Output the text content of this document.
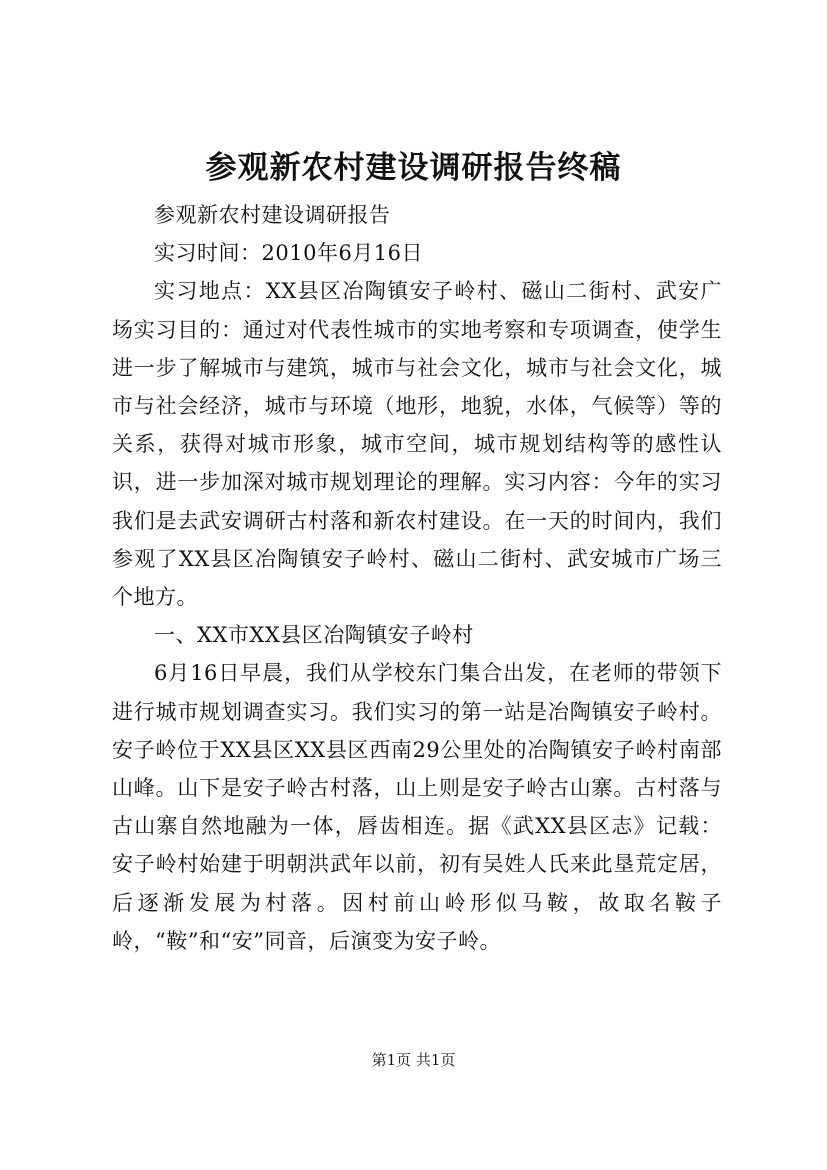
参观新农村建设调研报告终稿

参观新农村建设调研报告

实习时间：2010年6月16日

实习地点：XX县区冶陶镇安子岭村、磁山二街村、武安广场实习目的：通过对代表性城市的实地考察和专项调查，使学生进一步了解城市与建筑，城市与社会文化，城市与社会文化，城市与社会经济，城市与环境（地形，地貌，水体，气候等）等的关系，获得对城市形象，城市空间，城市规划结构等的感性认识，进一步加深对城市规划理论的理解。实习内容：今年的实习我们是去武安调研古村落和新农村建设。在一天的时间内，我们参观了XX县区冶陶镇安子岭村、磁山二街村、武安城市广场三个地方。

一、XX市XX县区冶陶镇安子岭村

6月16日早晨，我们从学校东门集合出发，在老师的带领下进行城市规划调查实习。我们实习的第一站是冶陶镇安子岭村。安子岭位于XX县区XX县区西南29公里处的冶陶镇安子岭村南部山峰。山下是安子岭古村落，山上则是安子岭古山寨。古村落与古山寨自然地融为一体，唇齿相连。据《武XX县区志》记载：安子岭村始建于明朝洪武年以前，初有吴姓人氏来此垦荒定居，后逐渐发展为村落。因村前山岭形似马鞍，故取名鞍子岭，“鞍”和“安”同音，后演变为安子岭。

第1页 共1页
